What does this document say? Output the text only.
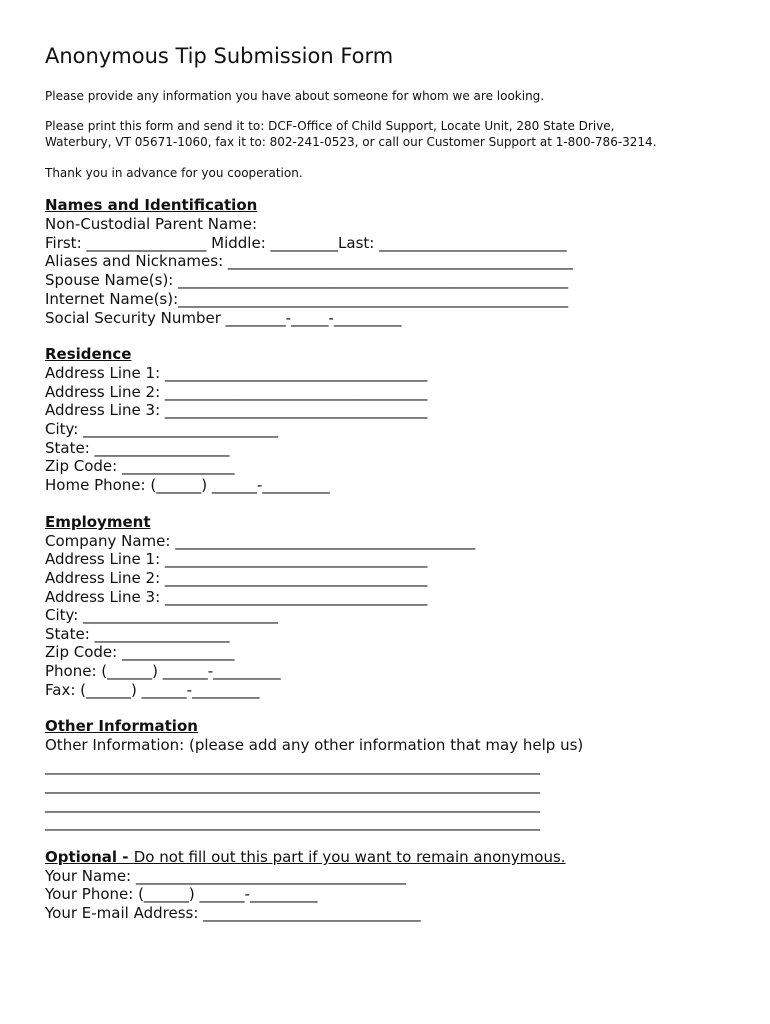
Anonymous Tip Submission Form
Please provide any information you have about someone for whom we are looking.
Please print this form and send it to: DCF-Office of Child Support, Locate Unit, 280 State Drive,
Waterbury, VT 05671-1060, fax it to: 802-241-0523, or call our Customer Support at 1-800-786-3214.
Thank you in advance for you cooperation.
Names and Identification
Non-Custodial Parent Name:
First: ________________ Middle: _________Last: _________________________
Aliases and Nicknames: ______________________________________________
Spouse Name(s): ____________________________________________________
Internet Name(s):____________________________________________________
Social Security Number ________-_____-_________
Residence
Address Line 1: ___________________________________
Address Line 2: ___________________________________
Address Line 3: ___________________________________
City: __________________________
State: __________________
Zip Code: _______________
Home Phone: (______) ______-_________
Employment
Company Name: ________________________________________
Address Line 1: ___________________________________
Address Line 2: ___________________________________
Address Line 3: ___________________________________
City: __________________________
State: __________________
Zip Code: _______________
Phone: (______) ______-_________
Fax: (______) ______-_________
Other Information
Other Information: (please add any other information that may help us)
__________________________________________________________________
__________________________________________________________________
__________________________________________________________________
__________________________________________________________________
Optional - Do not fill out this part if you want to remain anonymous.
Your Name: ____________________________________
Your Phone: (______) ______-_________
Your E-mail Address: _____________________________
